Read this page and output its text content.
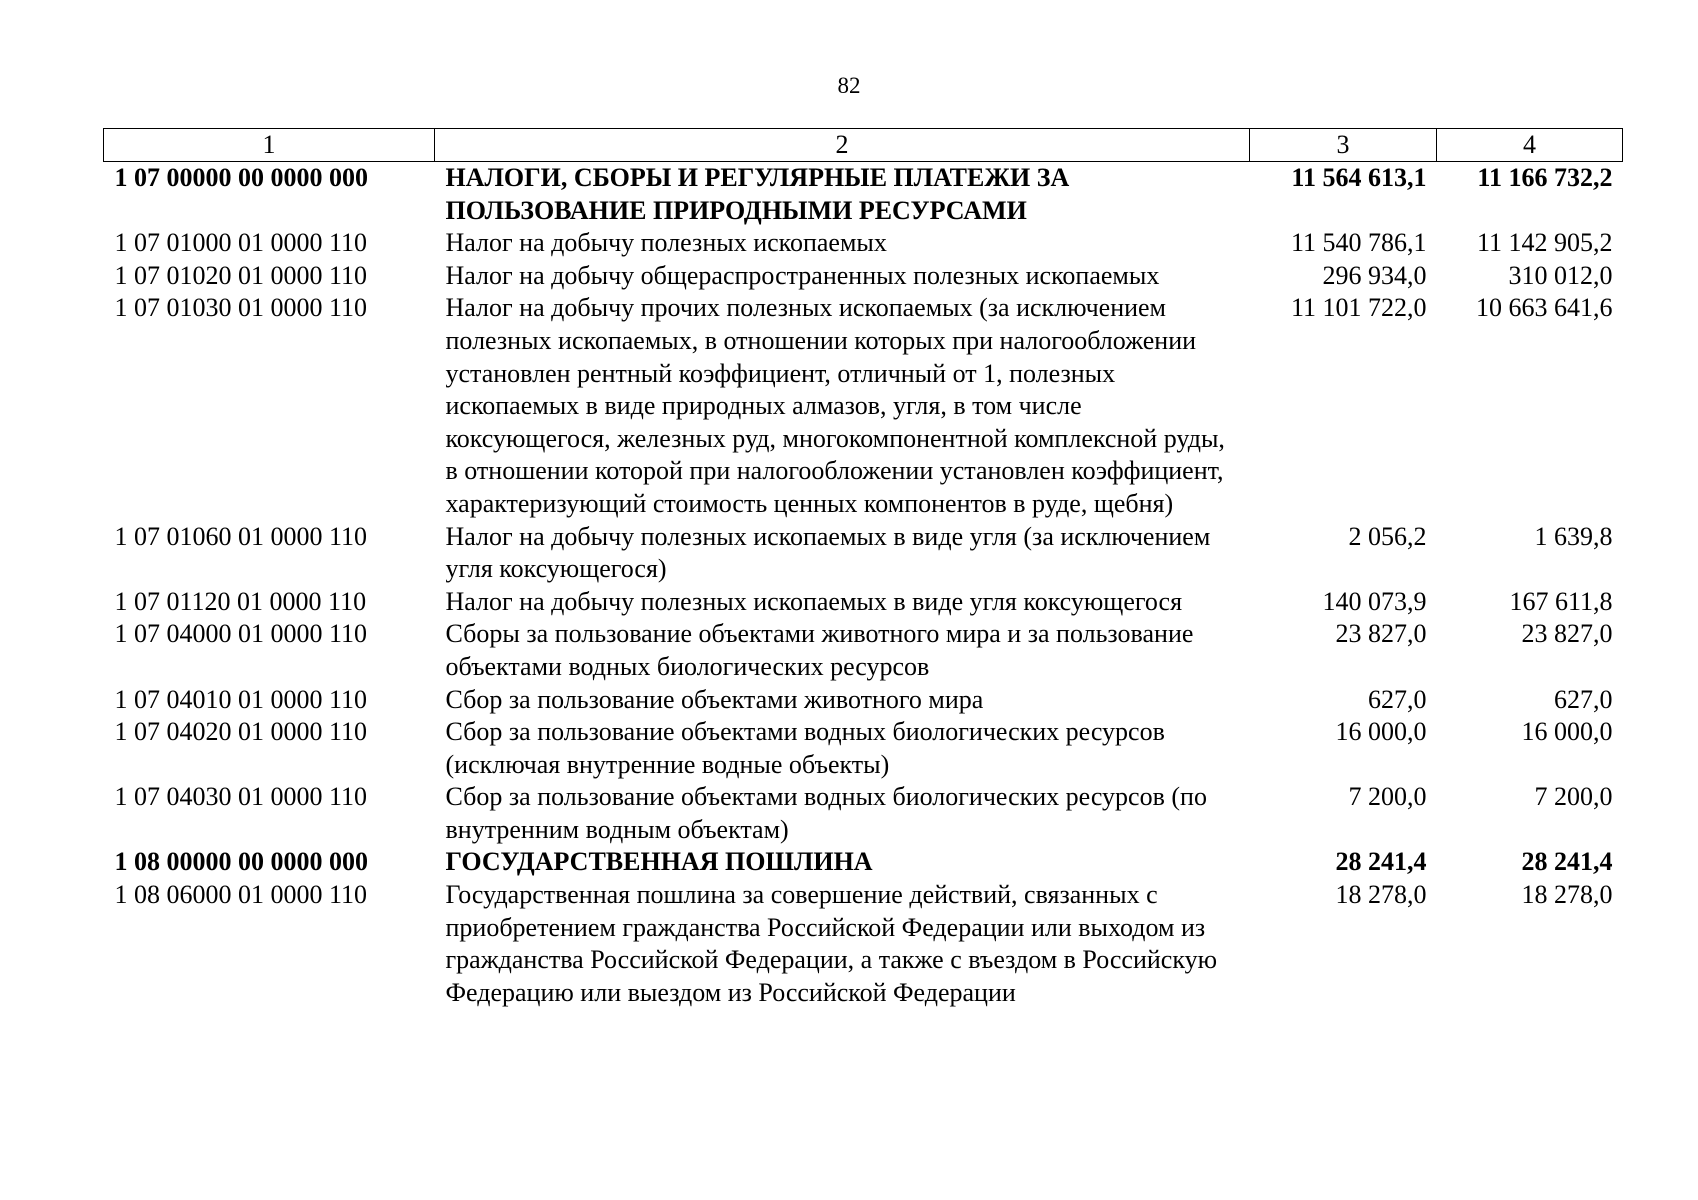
82
1	2	3	4
1 07 00000 00 0000 000	НАЛОГИ, СБОРЫ И РЕГУЛЯРНЫЕ ПЛАТЕЖИ ЗА ПОЛЬЗОВАНИЕ ПРИРОДНЫМИ РЕСУРСАМИ	11 564 613,1	11 166 732,2
1 07 01000 01 0000 110	Налог на добычу полезных ископаемых	11 540 786,1	11 142 905,2
1 07 01020 01 0000 110	Налог на добычу общераспространенных полезных ископаемых	296 934,0	310 012,0
1 07 01030 01 0000 110	Налог на добычу прочих полезных ископаемых (за исключением полезных ископаемых, в отношении которых при налогообложении установлен рентный коэффициент, отличный от 1, полезных ископаемых в виде природных алмазов, угля, в том числе коксующегося, железных руд, многокомпонентной комплексной руды, в отношении которой при налогообложении установлен коэффициент, характеризующий стоимость ценных компонентов в руде, щебня)	11 101 722,0	10 663 641,6
1 07 01060 01 0000 110	Налог на добычу полезных ископаемых в виде угля (за исключением угля коксующегося)	2 056,2	1 639,8
1 07 01120 01 0000 110	Налог на добычу полезных ископаемых в виде угля коксующегося	140 073,9	167 611,8
1 07 04000 01 0000 110	Сборы за пользование объектами животного мира и за пользование объектами водных биологических ресурсов	23 827,0	23 827,0
1 07 04010 01 0000 110	Сбор за пользование объектами животного мира	627,0	627,0
1 07 04020 01 0000 110	Сбор за пользование объектами водных биологических ресурсов (исключая внутренние водные объекты)	16 000,0	16 000,0
1 07 04030 01 0000 110	Сбор за пользование объектами водных биологических ресурсов (по внутренним водным объектам)	7 200,0	7 200,0
1 08 00000 00 0000 000	ГОСУДАРСТВЕННАЯ ПОШЛИНА	28 241,4	28 241,4
1 08 06000 01 0000 110	Государственная пошлина за совершение действий, связанных с приобретением гражданства Российской Федерации или выходом из гражданства Российской Федерации, а также с въездом в Российскую Федерацию или выездом из Российской Федерации	18 278,0	18 278,0
